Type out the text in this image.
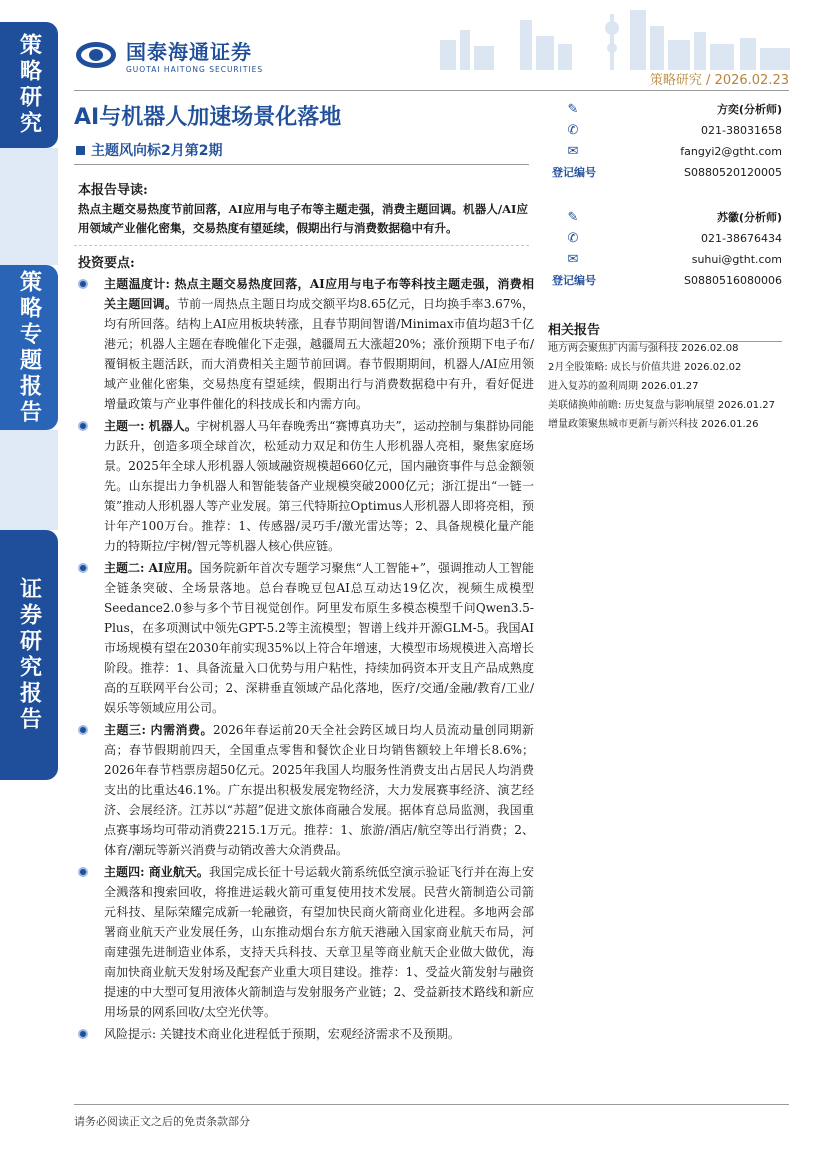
策略研究
策略专题报告
证券研究报告
国泰海通证券
GUOTAI HAITONG SECURITIES
策略研究 / 2026.02.23
AI与机器人加速场景化落地
主题风向标2月第2期
本报告导读:
热点主题交易热度节前回落，AI应用与电子布等主题走强，消费主题回调。机器人/AI应用领域产业催化密集，交易热度有望延续，假期出行与消费数据稳中有升。
投资要点:
主题温度计: 热点主题交易热度回落，AI应用与电子布等科技主题走强，消费相关主题回调。节前一周热点主题日均成交额平均8.65亿元，日均换手率3.67%，均有所回落。结构上AI应用板块转涨，且春节期间智谱/Minimax市值均超3千亿港元；机器人主题在春晚催化下走强，越疆周五大涨超20%；涨价预期下电子布/覆铜板主题活跃，而大消费相关主题节前回调。春节假期期间，机器人/AI应用领域产业催化密集，交易热度有望延续，假期出行与消费数据稳中有升，看好促进增量政策与产业事件催化的科技成长和内需方向。
主题一: 机器人。宇树机器人马年春晚秀出“赛博真功夫”，运动控制与集群协同能力跃升，创造多项全球首次，松延动力双足和仿生人形机器人亮相，聚焦家庭场景。2025年全球人形机器人领域融资规模超660亿元，国内融资事件与总金额领先。山东提出力争机器人和智能装备产业规模突破2000亿元；浙江提出“一链一策”推动人形机器人等产业发展。第三代特斯拉Optimus人形机器人即将亮相，预计年产100万台。推荐：1、传感器/灵巧手/激光雷达等；2、具备规模化量产能力的特斯拉/宇树/智元等机器人核心供应链。
主题二: AI应用。国务院新年首次专题学习聚焦“人工智能+”，强调推动人工智能全链条突破、全场景落地。总台春晚豆包AI总互动达19亿次，视频生成模型Seedance2.0参与多个节目视觉创作。阿里发布原生多模态模型千问Qwen3.5-Plus，在多项测试中领先GPT-5.2等主流模型；智谱上线并开源GLM-5。我国AI市场规模有望在2030年前实现35%以上符合年增速，大模型市场规模进入高增长阶段。推荐：1、具备流量入口优势与用户粘性，持续加码资本开支且产品成熟度高的互联网平台公司；2、深耕垂直领域产品化落地，医疗/交通/金融/教育/工业/娱乐等领域应用公司。
主题三: 内需消费。2026年春运前20天全社会跨区域日均人员流动量创同期新高；春节假期前四天，全国重点零售和餐饮企业日均销售额较上年增长8.6%；2026年春节档票房超50亿元。2025年我国人均服务性消费支出占居民人均消费支出的比重达46.1%。广东提出积极发展宠物经济，大力发展赛事经济、演艺经济、会展经济。江苏以“苏超”促进文旅体商融合发展。据体育总局监测，我国重点赛事场均可带动消费2215.1万元。推荐：1、旅游/酒店/航空等出行消费；2、体育/潮玩等新兴消费与动销改善大众消费品。
主题四: 商业航天。我国完成长征十号运载火箭系统低空演示验证飞行并在海上安全溅落和搜索回收，将推进运载火箭可重复使用技术发展。民营火箭制造公司箭元科技、星际荣耀完成新一轮融资，有望加快民商火箭商业化进程。多地两会部署商业航天产业发展任务，山东推动烟台东方航天港融入国家商业航天布局，河南建强先进制造业体系，支持天兵科技、天章卫星等商业航天企业做大做优，海南加快商业航天发射场及配套产业重大项目建设。推荐：1、受益火箭发射与融资提速的中大型可复用液体火箭制造与发射服务产业链；2、受益新技术路线和新应用场景的网系回收/太空光伏等。
风险提示: 关键技术商业化进程低于预期，宏观经济需求不及预期。
✎	方奕(分析师)
✆	021-38031658
✉	fangyi2@gtht.com
登记编号	S0880520120005
✎	苏徽(分析师)
✆	021-38676434
✉	suhui@gtht.com
登记编号	S0880516080006
相关报告
地方两会聚焦扩内需与强科技 2026.02.08
2月全股策略: 成长与价值共进 2026.02.02
进入复苏的盈利周期 2026.01.27
美联储换帅前瞻: 历史复盘与影响展望 2026.01.27
增量政策聚焦城市更新与新兴科技 2026.01.26
请务必阅读正文之后的免责条款部分
